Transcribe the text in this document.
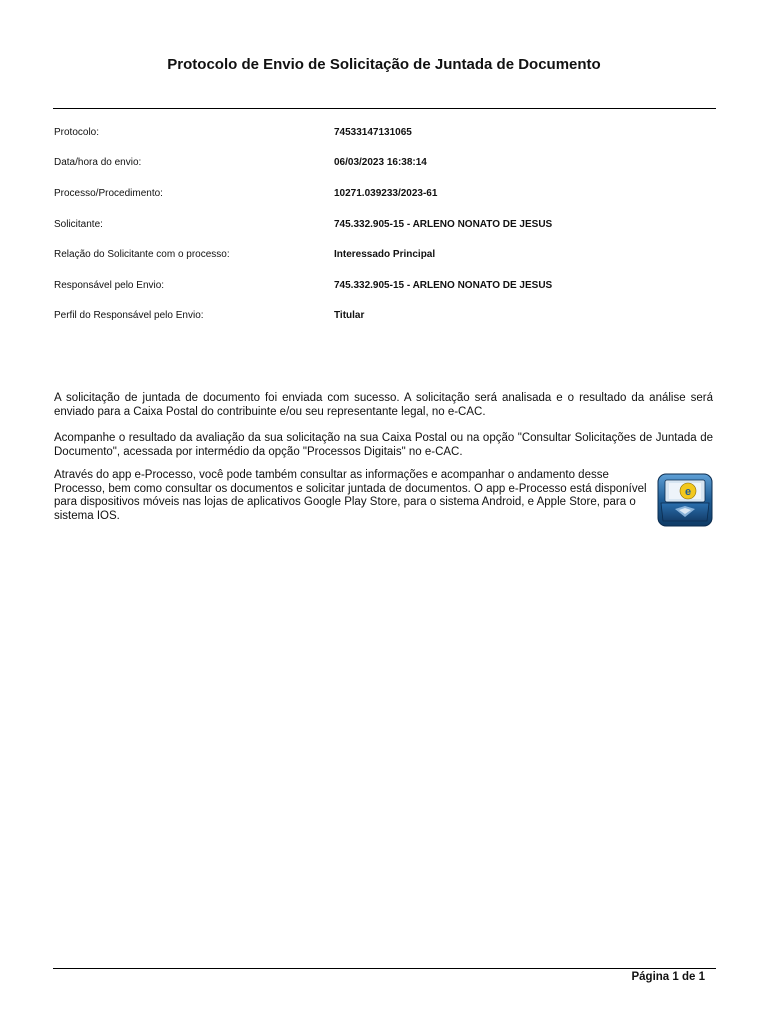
Protocolo de Envio de Solicitação de Juntada de Documento
Protocolo:	74533147131065
Data/hora do envio:	06/03/2023 16:38:14
Processo/Procedimento:	10271.039233/2023-61
Solicitante:	745.332.905-15 - ARLENO NONATO DE JESUS
Relação do Solicitante com o processo:	Interessado Principal
Responsável pelo Envio:	745.332.905-15 - ARLENO NONATO DE JESUS
Perfil do Responsável pelo Envio:	Titular

A solicitação de juntada de documento foi enviada com sucesso. A solicitação será analisada e o resultado da análise será enviado para a Caixa Postal do contribuinte e/ou seu representante legal, no e-CAC.

Acompanhe o resultado da avaliação da sua solicitação na sua Caixa Postal ou na opção "Consultar Solicitações de Juntada de Documento", acessada por intermédio da opção "Processos Digitais" no e-CAC.

e
Através do app e-Processo, você pode também consultar as informações e acompanhar o andamento desse Processo, bem como consultar os documentos e solicitar juntada de documentos. O app e-Processo está disponível para dispositivos móveis nas lojas de aplicativos Google Play Store, para o sistema Android, e Apple Store, para o sistema IOS.
Página 1 de 1
